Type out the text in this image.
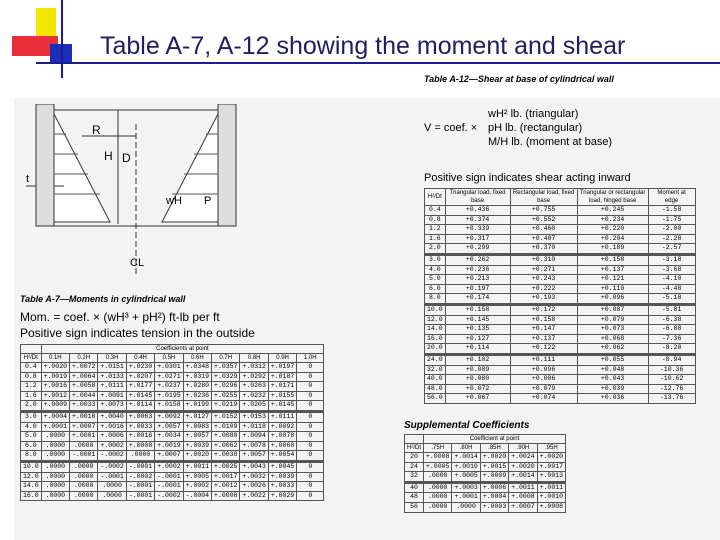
Table A-7, A-12 showing the moment and shear
R
D
H
t
wH P
CL
Table A-12—Shear at base of cylindrical wall
V = coef. ×
wH² lb. (triangular)
pH lb. (rectangular)
M/H lb. (moment at base)
Positive sign indicates shear acting inward
H²/Dt	Triangular load, fixed base	Rectangular load, fixed base	Triangular or rectangular load, hinged base	Moment at edge
0.4	+0.436	+0.755	+0.245	-1.58
0.8	+0.374	+0.552	+0.234	-1.75
1.2	+0.339	+0.460	+0.220	-2.00
1.6	+0.317	+0.407	+0.204	-2.28
2.0	+0.299	+0.370	+0.189	-2.57
3.0	+0.262	+0.310	+0.158	-3.18
4.0	+0.236	+0.271	+0.137	-3.68
5.0	+0.213	+0.243	+0.121	-4.10
6.0	+0.197	+0.222	+0.110	-4.48
8.0	+0.174	+0.193	+0.096	-5.18
10.0	+0.158	+0.172	+0.087	-5.81
12.0	+0.145	+0.158	+0.079	-6.38
14.0	+0.135	+0.147	+0.073	-6.88
16.0	+0.127	+0.137	+0.068	-7.36
20.0	+0.114	+0.122	+0.062	-8.20
24.0	+0.102	+0.111	+0.055	-8.94
32.0	+0.089	+0.096	+0.048	-10.36
40.0	+0.080	+0.086	+0.043	-10.62
48.0	+0.072	+0.079	+0.039	-12.76
56.0	+0.067	+0.074	+0.036	-13.76
Table A-7—Moments in cylindrical wall
Mom. = coef. × (wH³ + pH²) ft-lb per ft
Positive sign indicates tension in the outside
	Coefficients at point									
H²/Dt	0.1H	0.2H	0.3H	0.4H	0.5H	0.6H	0.7H	0.8H	0.9H	1.0H
0.4	+.0020	+.0072	+.0151	+.0230	+.0301	+.0348	+.0357	+.0312	+.0197	0
0.8	+.0019	+.0064	+.0133	+.0207	+.0271	+.0319	+.0329	+.0292	+.0187	0
1.2	+.0016	+.0058	+.0111	+.0177	+.0237	+.0280	+.0296	+.0263	+.0171	0
1.6	+.0012	+.0044	+.0091	+.0145	+.0195	+.0236	+.0255	+.0232	+.0155	0
2.0	+.0009	+.0033	+.0073	+.0114	+.0158	+.0199	+.0219	+.0205	+.0145	0
3.0	+.0004	+.0018	+.0040	+.0063	+.0092	+.0127	+.0152	+.0153	+.0111	0
4.0	+.0001	+.0007	+.0016	+.0033	+.0057	+.0083	+.0109	+.0118	+.0092	0
5.0	.0000	+.0001	+.0006	+.0016	+.0034	+.0057	+.0080	+.0094	+.0078	0
6.0	.0000	.0000	+.0002	+.0008	+.0019	+.0039	+.0062	+.0078	+.0068	0
8.0	.0000	-.0001	-.0002	.0000	+.0007	+.0020	+.0038	+.0057	+.0054	0
10.0	.0000	.0000	-.0002	-.0001	+.0002	+.0011	+.0025	+.0043	+.0045	0
12.0	.0000	.0000	-.0001	-.0002	-.0001	+.0005	+.0017	+.0032	+.0039	0
14.0	.0000	.0000	.0000	-.0001	-.0001	+.0002	+.0012	+.0026	+.0033	0
16.0	.0000	.0000	.0000	-.0001	-.0002	-.0004	+.0008	+.0022	+.0029	0
Supplemental Coefficients
	Coefficient at point				
H²/Dt	.75H	.80H	.85H	.90H	.95H
20	+.0008	+.0014	+.0020	+.0024	+.0020
24	+.0005	+.0010	+.0015	+.0020	+.0017
32	.0000	+.0005	+.0009	+.0014	+.0013
40	.0000	+.0003	+.0006	+.0011	+.0011
48	.0000	+.0001	+.0004	+.0008	+.0010
56	.0000	.0000	+.0003	+.0007	+.0008
